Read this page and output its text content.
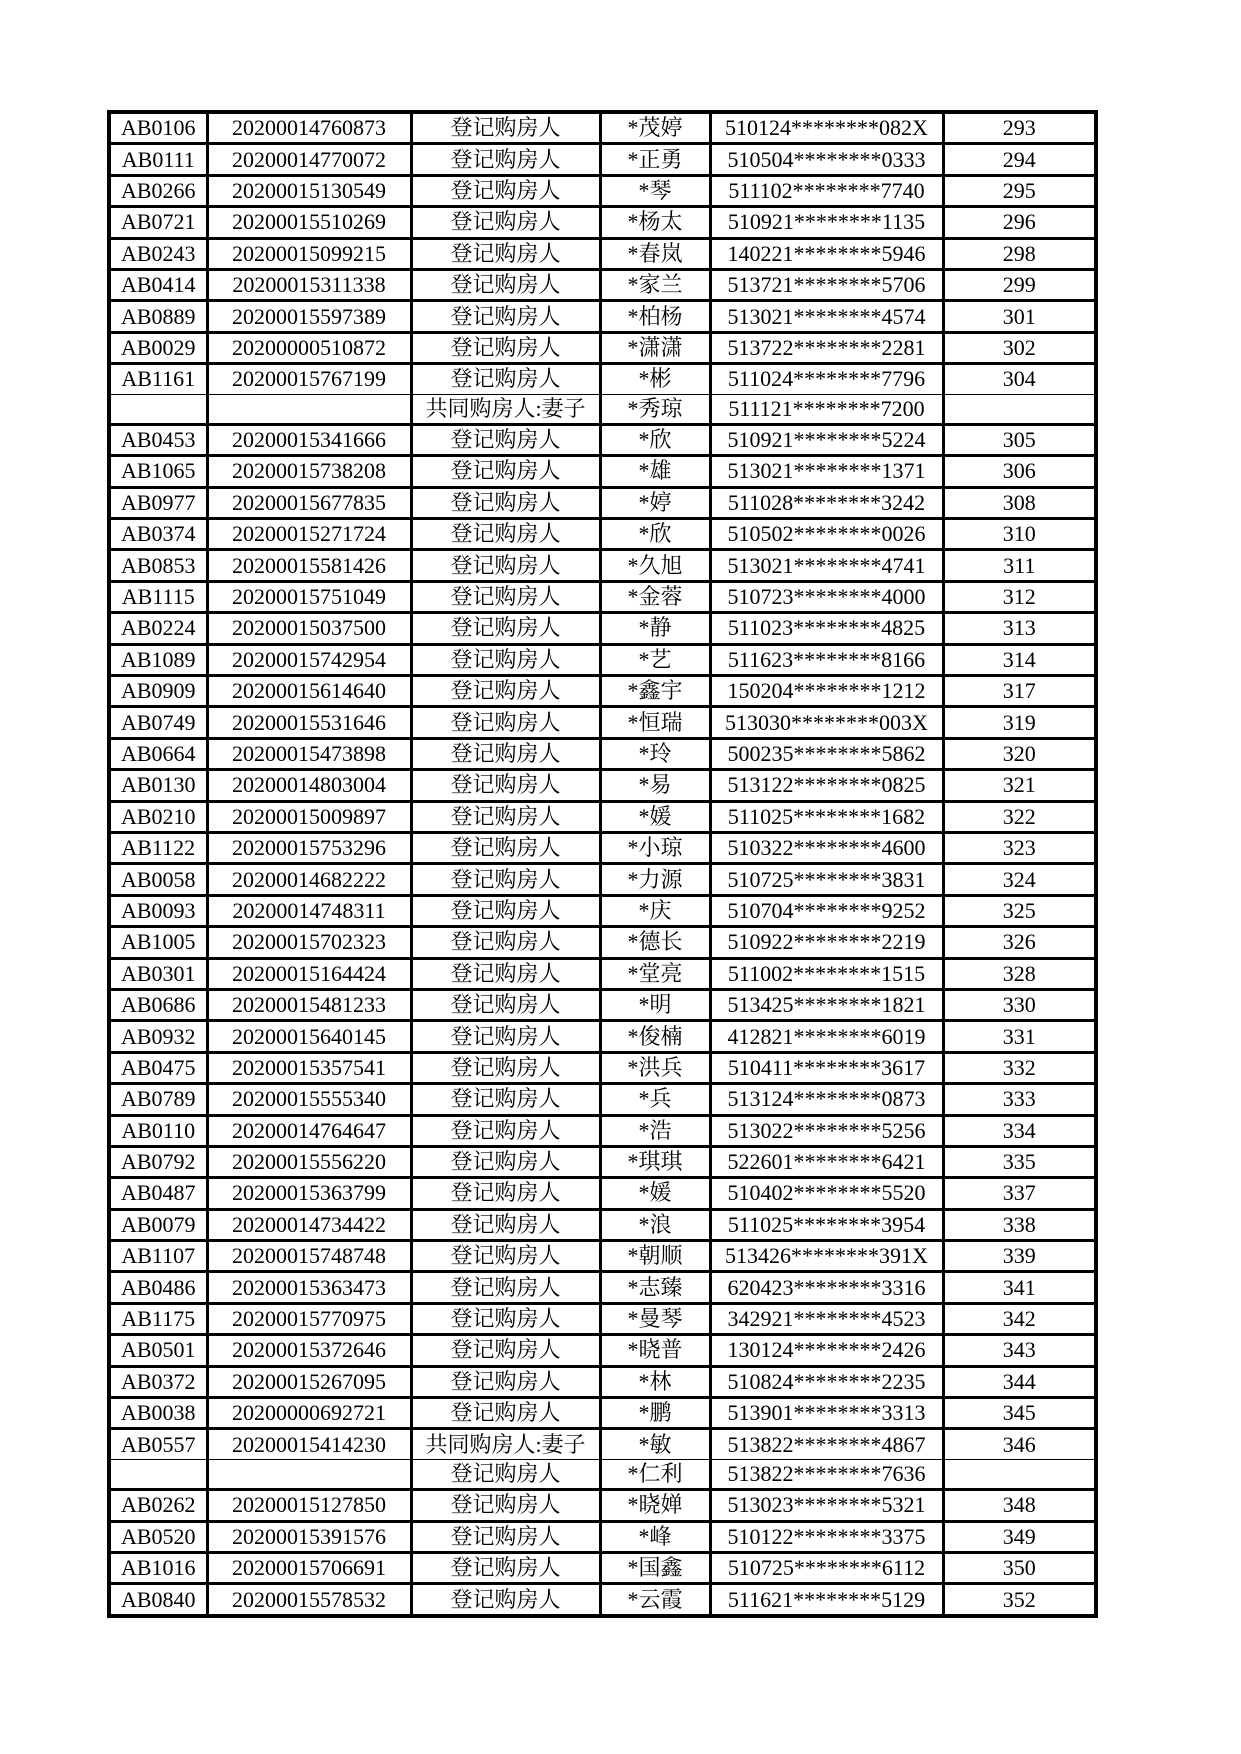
AB0106	20200014760873	登记购房人	*茂婷	510124********082X	293
AB0111	20200014770072	登记购房人	*正勇	510504********0333	294
AB0266	20200015130549	登记购房人	*琴	511102********7740	295
AB0721	20200015510269	登记购房人	*杨太	510921********1135	296
AB0243	20200015099215	登记购房人	*春岚	140221********5946	298
AB0414	20200015311338	登记购房人	*家兰	513721********5706	299
AB0889	20200015597389	登记购房人	*柏杨	513021********4574	301
AB0029	20200000510872	登记购房人	*潇潇	513722********2281	302
AB1161	20200015767199	登记购房人	*彬	511024********7796	304
		共同购房人:妻子	*秀琼	511121********7200	
AB0453	20200015341666	登记购房人	*欣	510921********5224	305
AB1065	20200015738208	登记购房人	*雄	513021********1371	306
AB0977	20200015677835	登记购房人	*婷	511028********3242	308
AB0374	20200015271724	登记购房人	*欣	510502********0026	310
AB0853	20200015581426	登记购房人	*久旭	513021********4741	311
AB1115	20200015751049	登记购房人	*金蓉	510723********4000	312
AB0224	20200015037500	登记购房人	*静	511023********4825	313
AB1089	20200015742954	登记购房人	*艺	511623********8166	314
AB0909	20200015614640	登记购房人	*鑫宇	150204********1212	317
AB0749	20200015531646	登记购房人	*恒瑞	513030********003X	319
AB0664	20200015473898	登记购房人	*玲	500235********5862	320
AB0130	20200014803004	登记购房人	*易	513122********0825	321
AB0210	20200015009897	登记购房人	*媛	511025********1682	322
AB1122	20200015753296	登记购房人	*小琼	510322********4600	323
AB0058	20200014682222	登记购房人	*力源	510725********3831	324
AB0093	20200014748311	登记购房人	*庆	510704********9252	325
AB1005	20200015702323	登记购房人	*德长	510922********2219	326
AB0301	20200015164424	登记购房人	*堂亮	511002********1515	328
AB0686	20200015481233	登记购房人	*明	513425********1821	330
AB0932	20200015640145	登记购房人	*俊楠	412821********6019	331
AB0475	20200015357541	登记购房人	*洪兵	510411********3617	332
AB0789	20200015555340	登记购房人	*兵	513124********0873	333
AB0110	20200014764647	登记购房人	*浩	513022********5256	334
AB0792	20200015556220	登记购房人	*琪琪	522601********6421	335
AB0487	20200015363799	登记购房人	*媛	510402********5520	337
AB0079	20200014734422	登记购房人	*浪	511025********3954	338
AB1107	20200015748748	登记购房人	*朝顺	513426********391X	339
AB0486	20200015363473	登记购房人	*志臻	620423********3316	341
AB1175	20200015770975	登记购房人	*曼琴	342921********4523	342
AB0501	20200015372646	登记购房人	*晓普	130124********2426	343
AB0372	20200015267095	登记购房人	*林	510824********2235	344
AB0038	20200000692721	登记购房人	*鹏	513901********3313	345
AB0557	20200015414230	共同购房人:妻子	*敏	513822********4867	346
		登记购房人	*仁利	513822********7636	
AB0262	20200015127850	登记购房人	*晓婵	513023********5321	348
AB0520	20200015391576	登记购房人	*峰	510122********3375	349
AB1016	20200015706691	登记购房人	*国鑫	510725********6112	350
AB0840	20200015578532	登记购房人	*云霞	511621********5129	352
